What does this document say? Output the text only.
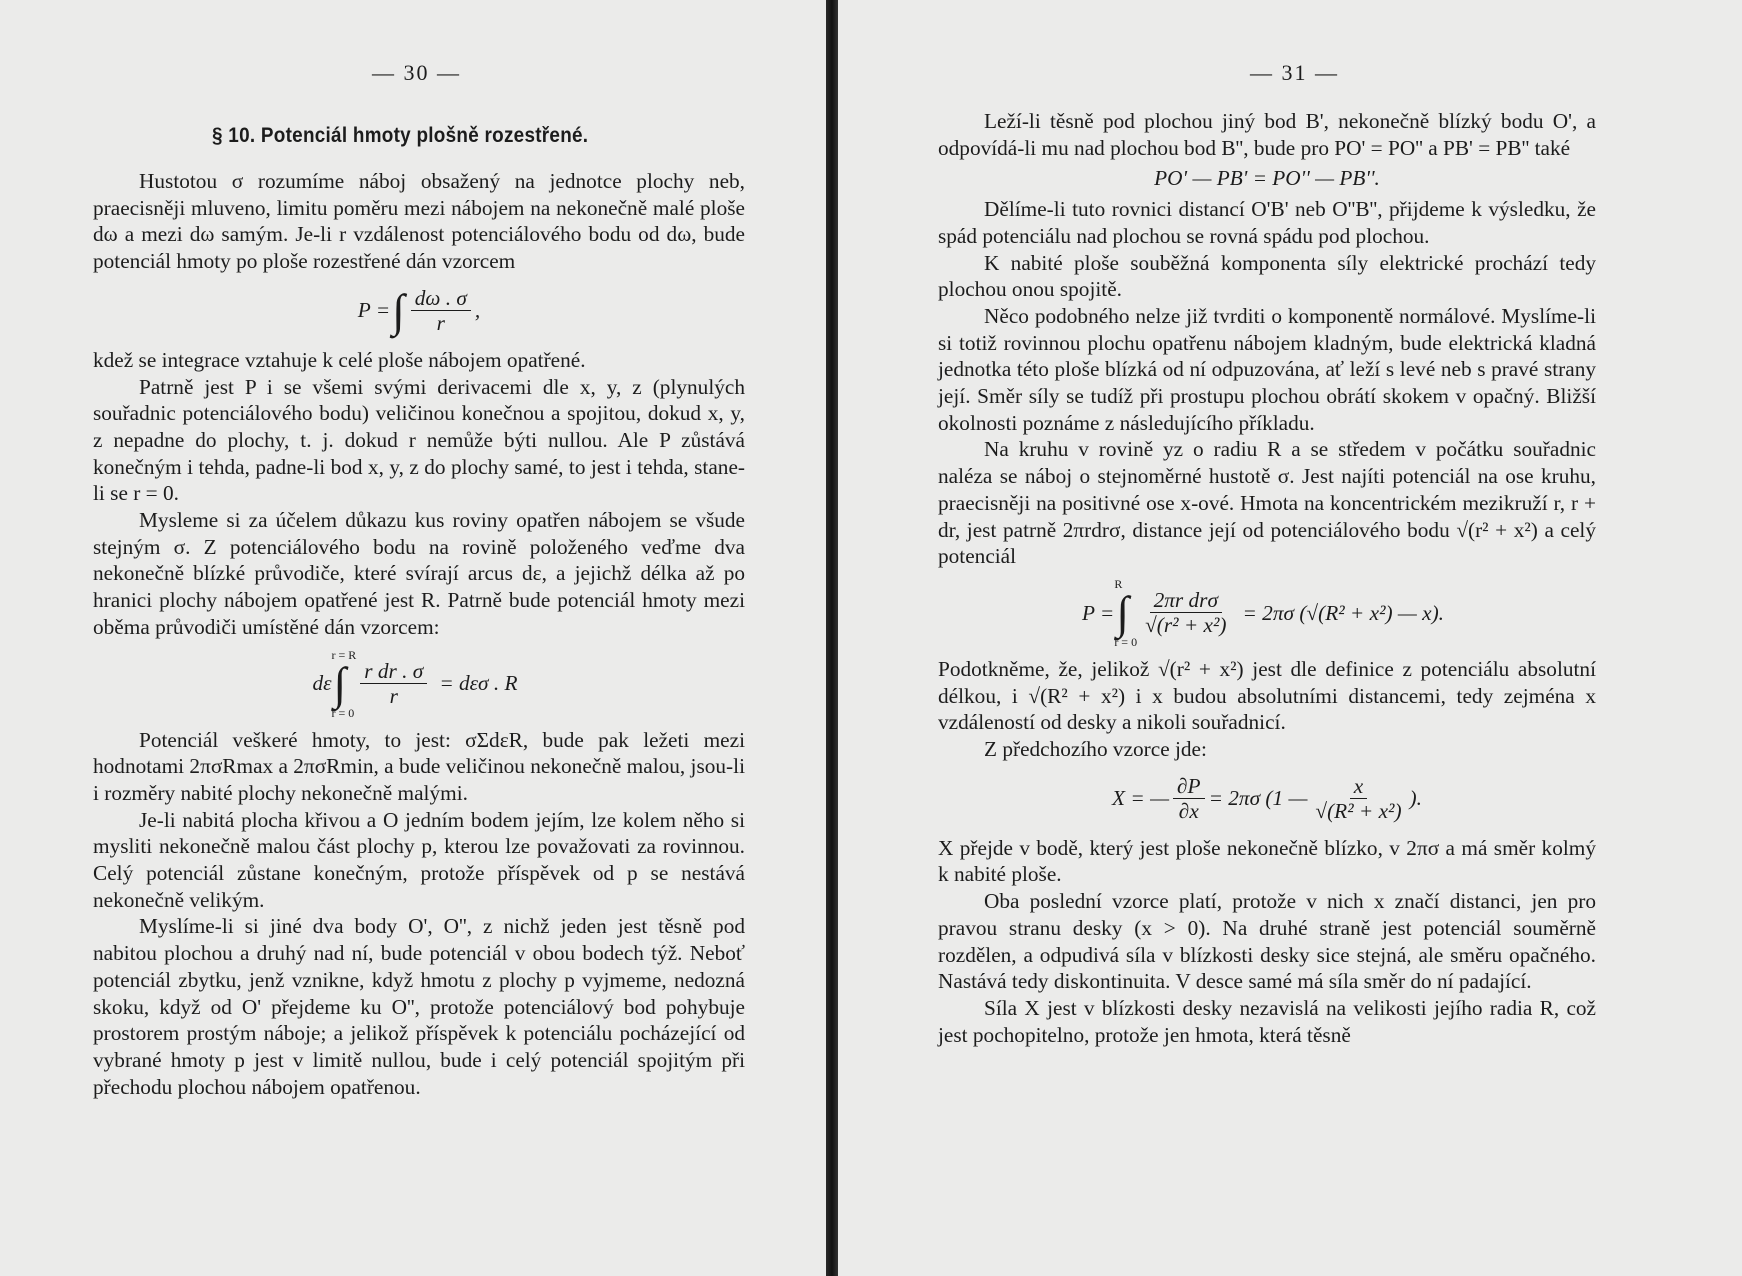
— 30 —
§ 10. Potenciál hmoty plošně rozestřené.

Hustotou σ rozumíme náboj obsažený na jednotce plochy neb, praecisněji mluveno, limitu poměru mezi nábojem na nekonečně malé ploše dω a mezi dω samým. Je-li r vzdálenost potenciálového bodu od dω, bude potenciál hmoty po ploše rozestřené dán vzorcem

P = ∫ $\frac{d\omega . \sigma}{r}$ ,

kdež se integrace vztahuje k celé ploše nábojem opatřené.

Patrně jest P i se všemi svými derivacemi dle x, y, z (plynulých souřadnic potenciálového bodu) veličinou konečnou a spojitou, dokud x, y, z nepadne do plochy, t. j. dokud r nemůže býti nullou. Ale P zůstává konečným i tehda, padne-li bod x, y, z do plochy samé, to jest i tehda, stane-li se r = 0.

Mysleme si za účelem důkazu kus roviny opatřen nábojem se všude stejným σ. Z potenciálového bodu na rovině položeného veďme dva nekonečně blízké průvodiče, které svírají arcus dε, a jejichž délka až po hranici plochy nábojem opatřené jest R. Patrně bude potenciál hmoty mezi oběma průvodiči umístěné dán vzorcem:

dε
r = R
∫
r = 0
$\frac{\text{r dr . σ}}{r} = d\varepsilon\sigma$ . R

Potenciál veškeré hmoty, to jest: σΣdεR, bude pak ležeti mezi hodnotami 2πσRmax a 2πσRmin, a bude veličinou nekonečně malou, jsou-li i rozměry nabité plochy nekonečně malými.

Je-li nabitá plocha křivou a O jedním bodem jejím, lze kolem něho si mysliti nekonečně malou část plochy p, kterou lze považovati za rovinnou. Celý potenciál zůstane konečným, protože příspěvek od p se nestává nekonečně velikým.

Myslíme-li si jiné dva body O', O'', z nichž jeden jest těsně pod nabitou plochou a druhý nad ní, bude potenciál v obou bodech týž. Neboť potenciál zbytku, jenž vznikne, když hmotu z plochy p vyjmeme, nedozná skoku, když od O' přejdeme ku O'', protože potenciálový bod pohybuje prostorem prostým náboje; a jelikož příspěvek k potenciálu pocházející od vybrané hmoty p jest v limitě nullou, bude i celý potenciál spojitým při přechodu plochou nábojem opatřenou.

— 31 —

Leží-li těsně pod plochou jiný bod B', nekonečně blízký bodu O', a odpovídá-li mu nad plochou bod B'', bude pro PO' = PO'' a PB' = PB'' také

PO' — PB' = PO'' — PB''.

Dělíme-li tuto rovnici distancí O'B' neb O''B'', přijdeme k výsledku, že spád potenciálu nad plochou se rovná spádu pod plochou.

K nabité ploše souběžná komponenta síly elektrické prochází tedy plochou onou spojitě.

Něco podobného nelze již tvrditi o komponentě normálové. Myslíme-li si totiž rovinnou plochu opatřenu nábojem kladným, bude elektrická kladná jednotka této ploše blízká od ní odpuzována, ať leží s levé neb s pravé strany její. Směr síly se tudíž při prostupu plochou obrátí skokem v opačný. Bližší okolnosti poznáme z následujícího příkladu.

Na kruhu v rovině yz o radiu R a se středem v počátku souřadnic naléza se náboj o stejnoměrné hustotě σ. Jest najíti potenciál na ose kruhu, praecisněji na positivné ose x-ové. Hmota na koncentrickém mezikruží r, r + dr, jest patrně 2πrdrσ, distance její od potenciálového bodu √(r² + x²) a celý potenciál

P =
R
∫
r = 0
$\frac{\text{2πr drσ}}{\text{√(r² + x²)}} = 2\pi\sigma$ (√(R² + x²) — x).

Podotkněme, že, jelikož √(r² + x²) jest dle definice z potenciálu absolutní délkou, i √(R² + x²) i x budou absolutními distancemi, tedy zejména x vzdáleností od desky a nikoli souřadnicí.

Z předchozího vzorce jde:

X = — $\frac{\partial P}{\partial x} = 2\pi\sigma$ (1 — $\frac{x}{\text{√(R² + x²)}}$ ).

X přejde v bodě, který jest ploše nekonečně blízko, v 2πσ a má směr kolmý k nabité ploše.

Oba poslední vzorce platí, protože v nich x značí distanci, jen pro pravou stranu desky (x > 0). Na druhé straně jest potenciál souměrně rozdělen, a odpudivá síla v blízkosti desky sice stejná, ale směru opačného. Nastává tedy diskontinuita. V desce samé má síla směr do ní padající.

Síla X jest v blízkosti desky nezavislá na velikosti jejího radia R, což jest pochopitelno, protože jen hmota, která těsně
